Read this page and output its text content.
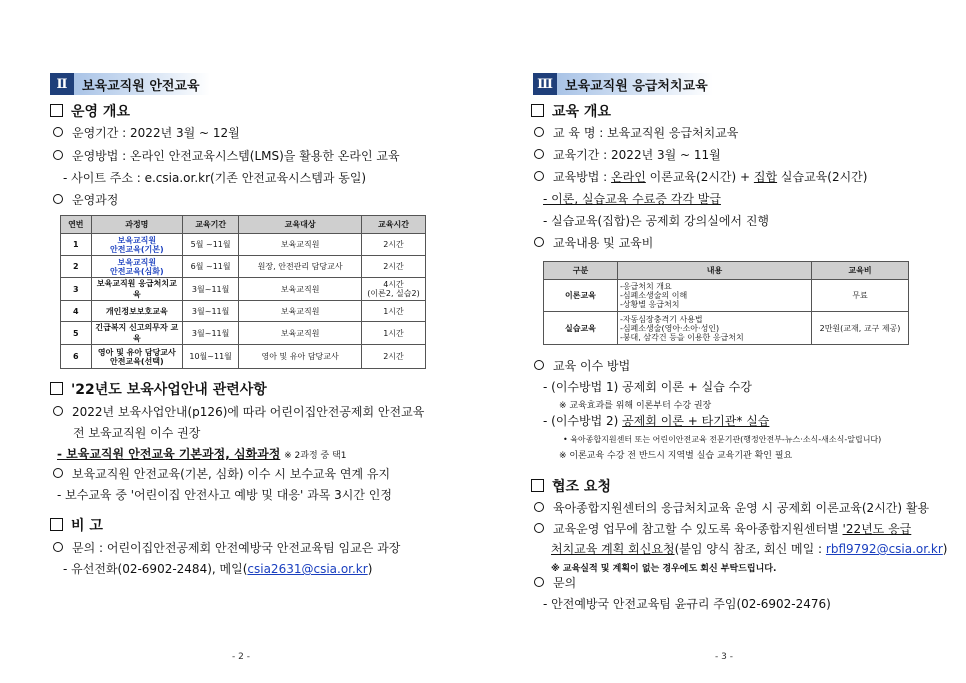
Ⅱ	보육교직원 안전교육
운영 개요
운영기간 : 2022년 3월 ~ 12월
운영방법 : 온라인 안전교육시스템(LMS)을 활용한 온라인 교육
- 사이트 주소 : e.csia.or.kr(기존 안전교육시스템과 동일)
운영과정
연번	과정명	교육기간	교육대상	교육시간
1	보육교직원
안전교육(기본)	5월 ~11월	보육교직원	2시간
2	보육교직원
안전교육(심화)	6월 ~11월	원장, 안전관리 담당교사	2시간
3	보육교직원 응급처치교육	3월~11월	보육교직원	4시간
(이론2, 실습2)
4	개인정보보호교육	3월~11월	보육교직원	1시간
5	긴급복지 신고의무자 교육	3월~11월	보육교직원	1시간
6	영아 및 유아 담당교사
안전교육(선택)	10월~11월	영아 및 유아 담당교사	2시간
'22년도 보육사업안내 관련사항
2022년 보육사업안내(p126)에 따라 어린이집안전공제회 안전교육
전 보육교직원 이수 권장
- 보육교직원 안전교육 기본과정, 심화과정 ※ 2과정 중 택1
보육교직원 안전교육(기본, 심화) 이수 시 보수교육 연계 유지
- 보수교육 중 '어린이집 안전사고 예방 및 대응' 과목 3시간 인정
비 고
문의 : 어린이집안전공제회 안전예방국 안전교육팀 임교은 과장
- 유선전화(02-6902-2484), 메일(csia2631@csia.or.kr)
- 2 -
Ⅲ 보육교직원 응급처치교육
교육 개요
교 육 명 : 보육교직원 응급처치교육
교육기간 : 2022년 3월 ~ 11월
교육방법 : 온라인 이론교육(2시간) + 집합 실습교육(2시간)
- 이론, 실습교육 수료증 각각 발급
- 실습교육(집합)은 공제회 강의실에서 진행
교육내용 및 교육비
구분	내용	교육비
이론교육	-응급처치 개요
-심폐소생술의 이해
-상황별 응급처치	무료
실습교육	-자동심장충격기 사용법
-심폐소생술(영아·소아·성인)
-붕대, 삼각건 등을 이용한 응급처치	2만원(교재, 교구 제공)
교육 이수 방법
- (이수방법 1) 공제회 이론 + 실습 수강
※ 교육효과를 위해 이론부터 수강 권장
- (이수방법 2) 공제회 이론 + 타기관* 실습
• 육아종합지원센터 또는 어린이안전교육 전문기관(행정안전부-뉴스·소식-새소식-알립니다)
※ 이론교육 수강 전 반드시 지역별 실습 교육기관 확인 필요
협조 요청
육아종합지원센터의 응급처치교육 운영 시 공제회 이론교육(2시간) 활용
교육운영 업무에 참고할 수 있도록 육아종합지원센터별 '22년도 응급
처치교육 계획 회신요청(붙임 양식 참조, 회신 메일 : rbfl9792@csia.or.kr)
※ 교육실적 및 계획이 없는 경우에도 회신 부탁드립니다.
문의
- 안전예방국 안전교육팀 윤규리 주임(02-6902-2476)
- 3 -
